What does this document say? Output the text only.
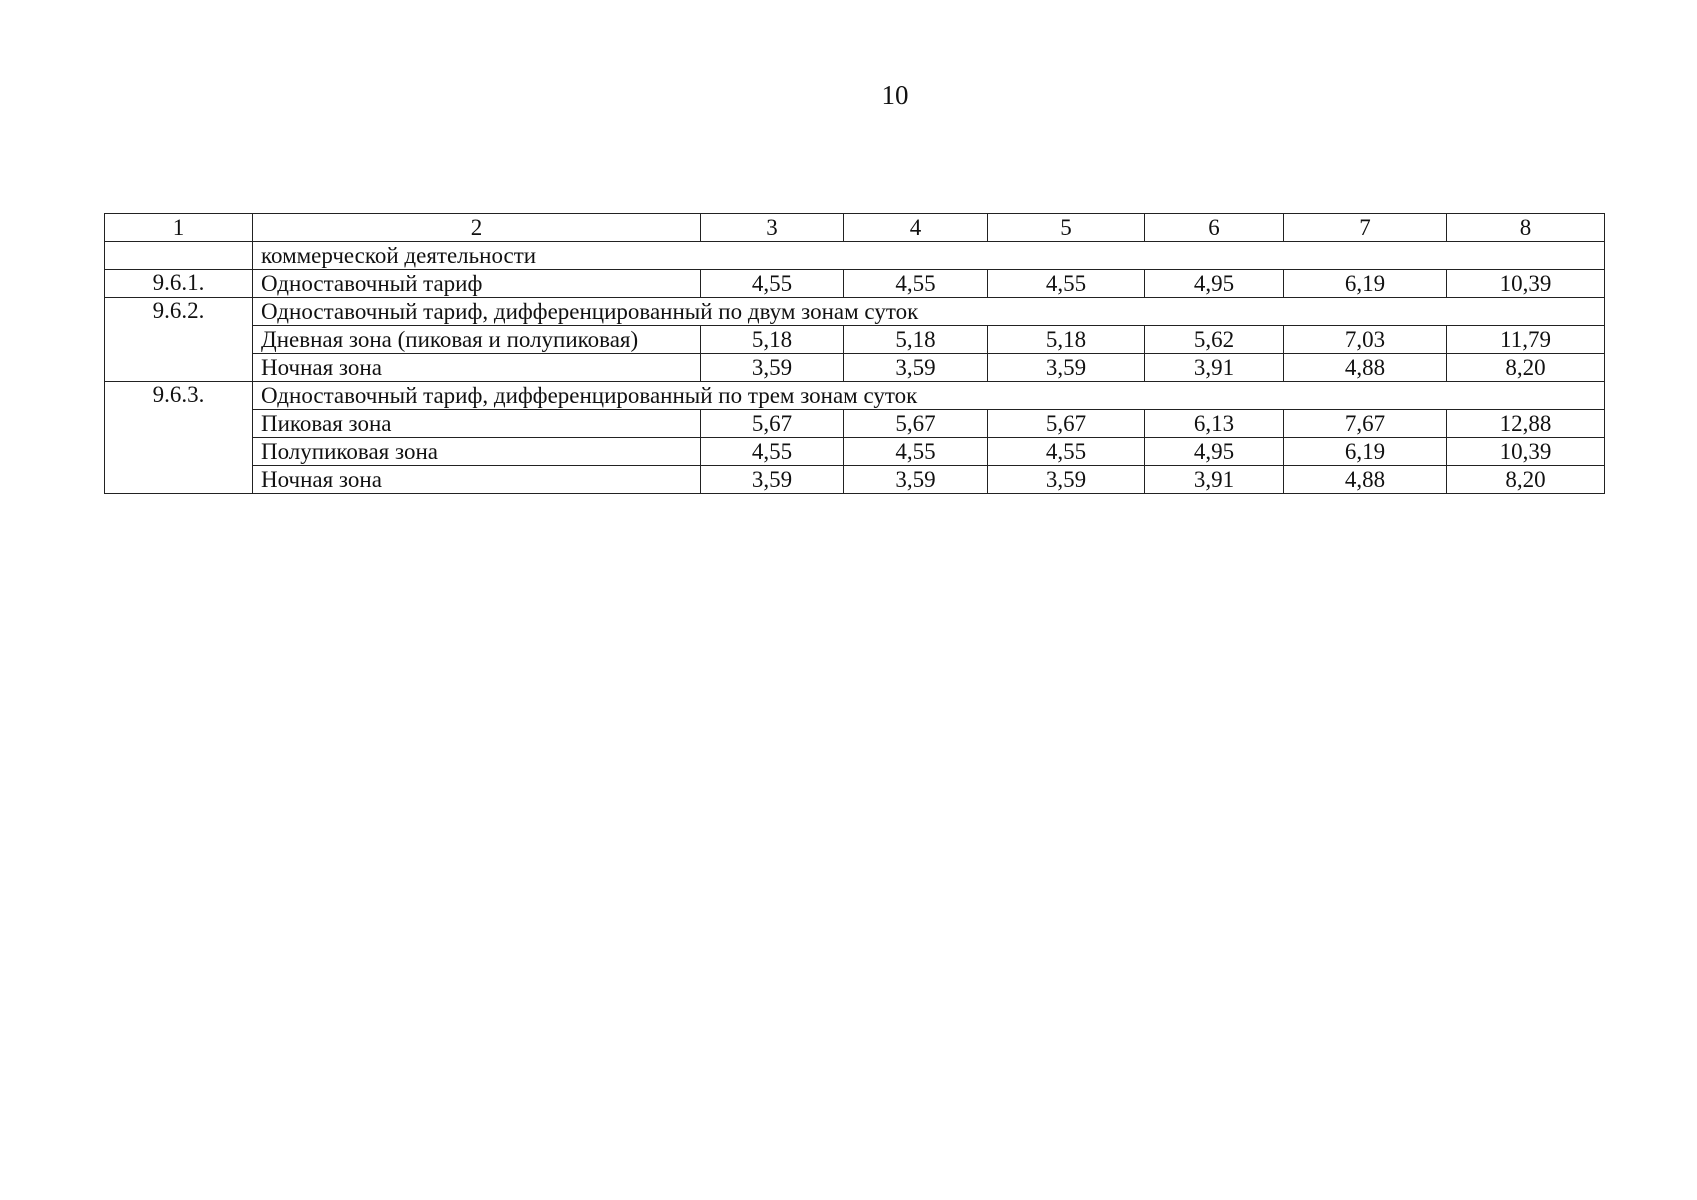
10
1	2	3	4	5	6	7	8
	коммерческой деятельности						
9.6.1.	Одноставочный тариф	4,55	4,55	4,55	4,95	6,19	10,39
9.6.2.	Одноставочный тариф, дифференцированный по двум зонам суток						
	Дневная зона (пиковая и полупиковая)	5,18	5,18	5,18	5,62	7,03	11,79
	Ночная зона	3,59	3,59	3,59	3,91	4,88	8,20
9.6.3.	Одноставочный тариф, дифференцированный по трем зонам суток						
	Пиковая зона	5,67	5,67	5,67	6,13	7,67	12,88
	Полупиковая зона	4,55	4,55	4,55	4,95	6,19	10,39
	Ночная зона	3,59	3,59	3,59	3,91	4,88	8,20
